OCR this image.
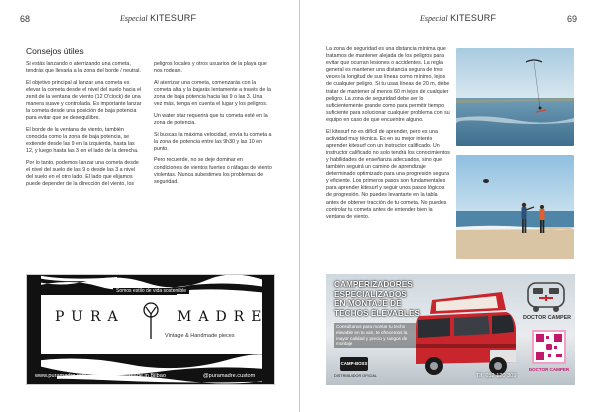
68	Especial KITESURF
Consejos útiles

Si estás lanzando o aterrizando una cometa, tendrás que llevarla a la zona del borde / neutral.

El objetivo principal al lanzar una cometa es elevar la cometa desde el nivel del suelo hacia el zenit de la ventana de viento (12 O'clock) de una manera suave y controlada. Es importante lanzar la cometa desde una posición de baja potencia para evitar que se desequilibre.

El borde de la ventana de viento, también conocida como la zona de baja potencia, se extiende desde las 9 en la izquierda, hasta las 12, y luego hasta las 3 en el lado de la derecha.

Por lo tanto, podemos lanzar una cometa desde el nivel del suelo de las 9 o desde las 3 a nivel del suelo en el otro lado. El lado que elijamos puede depender de la dirección del viento, los

peligros locales y otros usuarios de la playa que nos rodean.

Al aterrizar una cometa, comenzarás con la cometa alta y la bajarás lentamente a través de la zona de baja potencia hacia las 9 o las 3. Una vez más, tenga en cuenta el lugar y los peligros.

Un water star requerirá que tu cometa esté en la zona de potencia.

Si buscas la máxima velocidad, envía tu cometa a la zona de potencia entre las 9h30 y las 10 en punto.

Pero recuerde, no se deje dominar en condiciones de vientos fuertes o ráfagas de viento violentas. Nunca subestimes los problemas de seguridad.

Somos estilo de vida sostenible
PURA	MADRE
Vintage & Handmade pieces
www.puramadre.info	made in Bilbao	@puramadre.custom
Especial KITESURF	69

La zona de seguridad es una distancia mínima que tratamos de mantener alejada de los peligros para evitar que ocurran lesiones o accidentes. La regla general es mantener una distancia segura de tres veces la longitud de sus líneas como mínimo, lejos de cualquier peligro. Si tu usas líneas de 20 m, debe tratar de mantener al menos 60 m lejos de cualquier peligro. La zona de seguridad debe ser lo suficientemente grande como para permitir tiempo suficiente para solucionar cualquier problema con su equipo en caso de que encuentre alguno.

El kitesurf no es difícil de aprender, pero es una actividad muy técnica. Es en su mejor interés aprender kitesurf con un instructor calificado. Un instructor calificado no solo tendrá los conocimientos y habilidades de enseñanza adecuados, sino que también seguirá un camino de aprendizaje determinado optimizado para una progresión segura y eficiente. Los primeros pasos son fundamentales para aprender kitesurf y seguir unos pasos lógicos de progresión. No puedes levantarte en la tabla antes de obtener tracción de tu cometa. No puedes controlar tu cometa antes de entender bien la ventana de viento.

CAMPERIZADORES
ESPECIALIZADOS
EN MONTAJE DE
TECHOS ELEVABLES
Consúltanos para montar tu techo elevable en tu van, te ofrecemos la mayor calidad y precio y rangos de montaje
DOCTOR CAMPER
DOCTOR CAMPER
CAMP-BOSS
DISTRIBUIDOR OFICIAL	Tlf. 652 120 309
